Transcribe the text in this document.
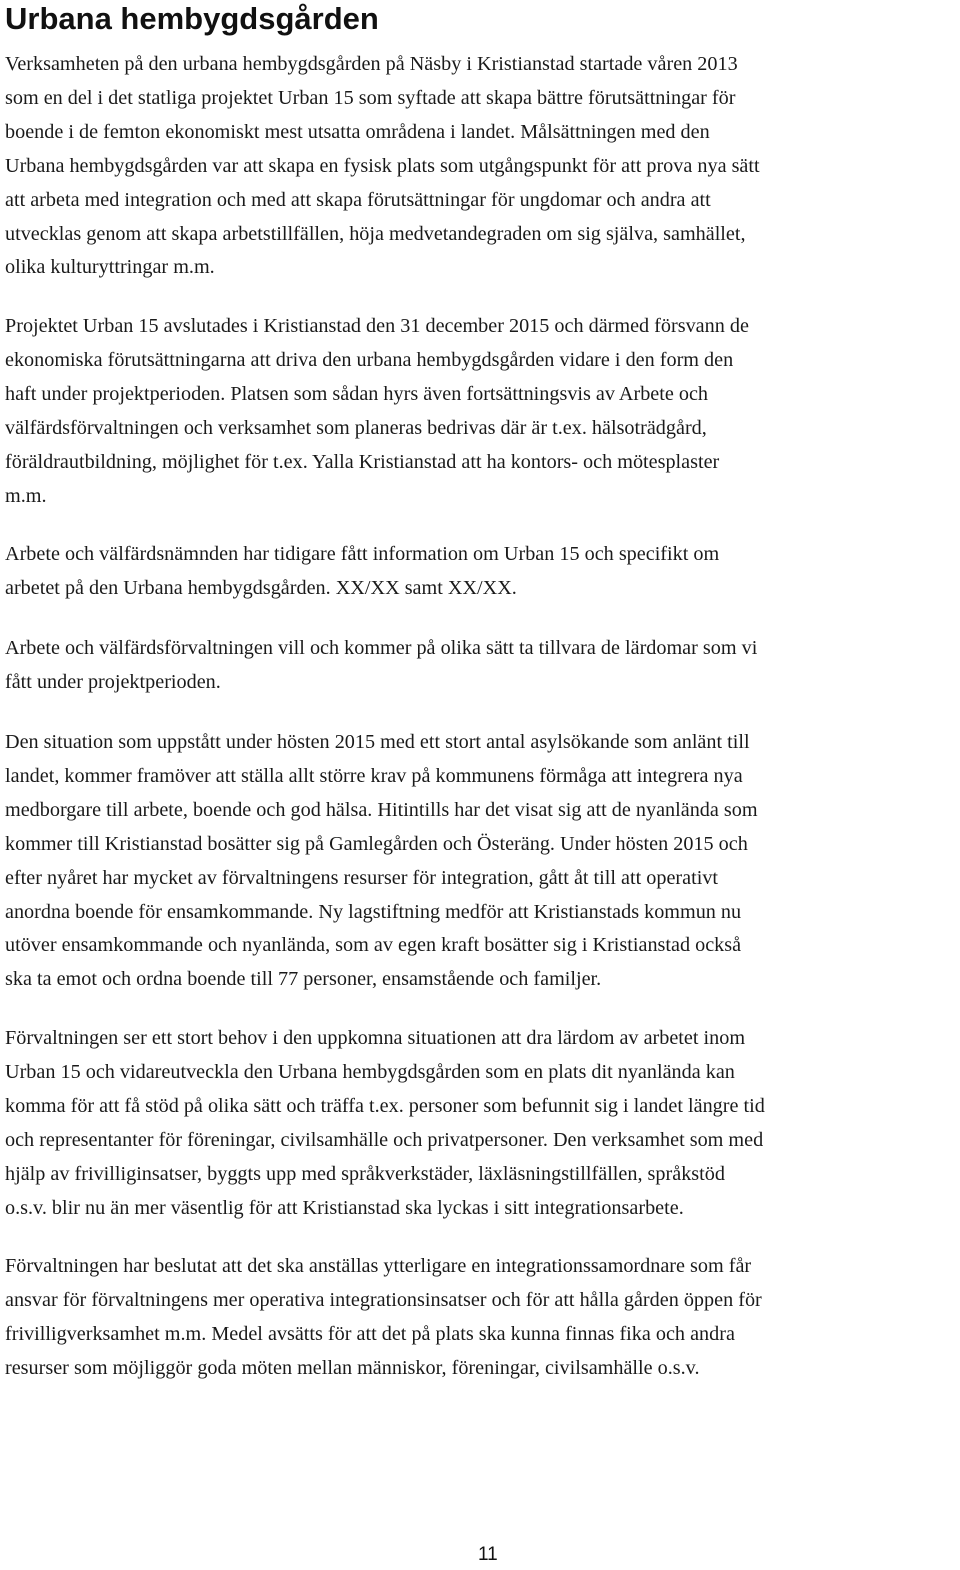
Urbana hembygdsgården

Verksamheten på den urbana hembygdsgården på Näsby i Kristianstad startade våren 2013
som en del i det statliga projektet Urban 15 som syftade att skapa bättre förutsättningar för
boende i de femton ekonomiskt mest utsatta områdena i landet. Målsättningen med den
Urbana hembygdsgården var att skapa en fysisk plats som utgångspunkt för att prova nya sätt
att arbeta med integration och med att skapa förutsättningar för ungdomar och andra att
utvecklas genom att skapa arbetstillfällen, höja medvetandegraden om sig själva, samhället,
olika kulturyttringar m.m.

Projektet Urban 15 avslutades i Kristianstad den 31 december 2015 och därmed försvann de
ekonomiska förutsättningarna att driva den urbana hembygdsgården vidare i den form den
haft under projektperioden. Platsen som sådan hyrs även fortsättningsvis av Arbete och
välfärdsförvaltningen och verksamhet som planeras bedrivas där är t.ex. hälsoträdgård,
föräldrautbildning, möjlighet för t.ex. Yalla Kristianstad att ha kontors- och mötesplaster
m.m.

Arbete och välfärdsnämnden har tidigare fått information om Urban 15 och specifikt om
arbetet på den Urbana hembygdsgården. XX/XX samt XX/XX.

Arbete och välfärdsförvaltningen vill och kommer på olika sätt ta tillvara de lärdomar som vi
fått under projektperioden.

Den situation som uppstått under hösten 2015 med ett stort antal asylsökande som anlänt till
landet, kommer framöver att ställa allt större krav på kommunens förmåga att integrera nya
medborgare till arbete, boende och god hälsa. Hitintills har det visat sig att de nyanlända som
kommer till Kristianstad bosätter sig på Gamlegården och Österäng. Under hösten 2015 och
efter nyåret har mycket av förvaltningens resurser för integration, gått åt till att operativt
anordna boende för ensamkommande. Ny lagstiftning medför att Kristianstads kommun nu
utöver ensamkommande och nyanlända, som av egen kraft bosätter sig i Kristianstad också
ska ta emot och ordna boende till 77 personer, ensamstående och familjer.

Förvaltningen ser ett stort behov i den uppkomna situationen att dra lärdom av arbetet inom
Urban 15 och vidareutveckla den Urbana hembygdsgården som en plats dit nyanlända kan
komma för att få stöd på olika sätt och träffa t.ex. personer som befunnit sig i landet längre tid
och representanter för föreningar, civilsamhälle och privatpersoner. Den verksamhet som med
hjälp av frivilliginsatser, byggts upp med språkverkstäder, läxläsningstillfällen, språkstöd
o.s.v. blir nu än mer väsentlig för att Kristianstad ska lyckas i sitt integrationsarbete.

Förvaltningen har beslutat att det ska anställas ytterligare en integrationssamordnare som får
ansvar för förvaltningens mer operativa integrationsinsatser och för att hålla gården öppen för
frivilligverksamhet m.m. Medel avsätts för att det på plats ska kunna finnas fika och andra
resurser som möjliggör goda möten mellan människor, föreningar, civilsamhälle o.s.v.

11
